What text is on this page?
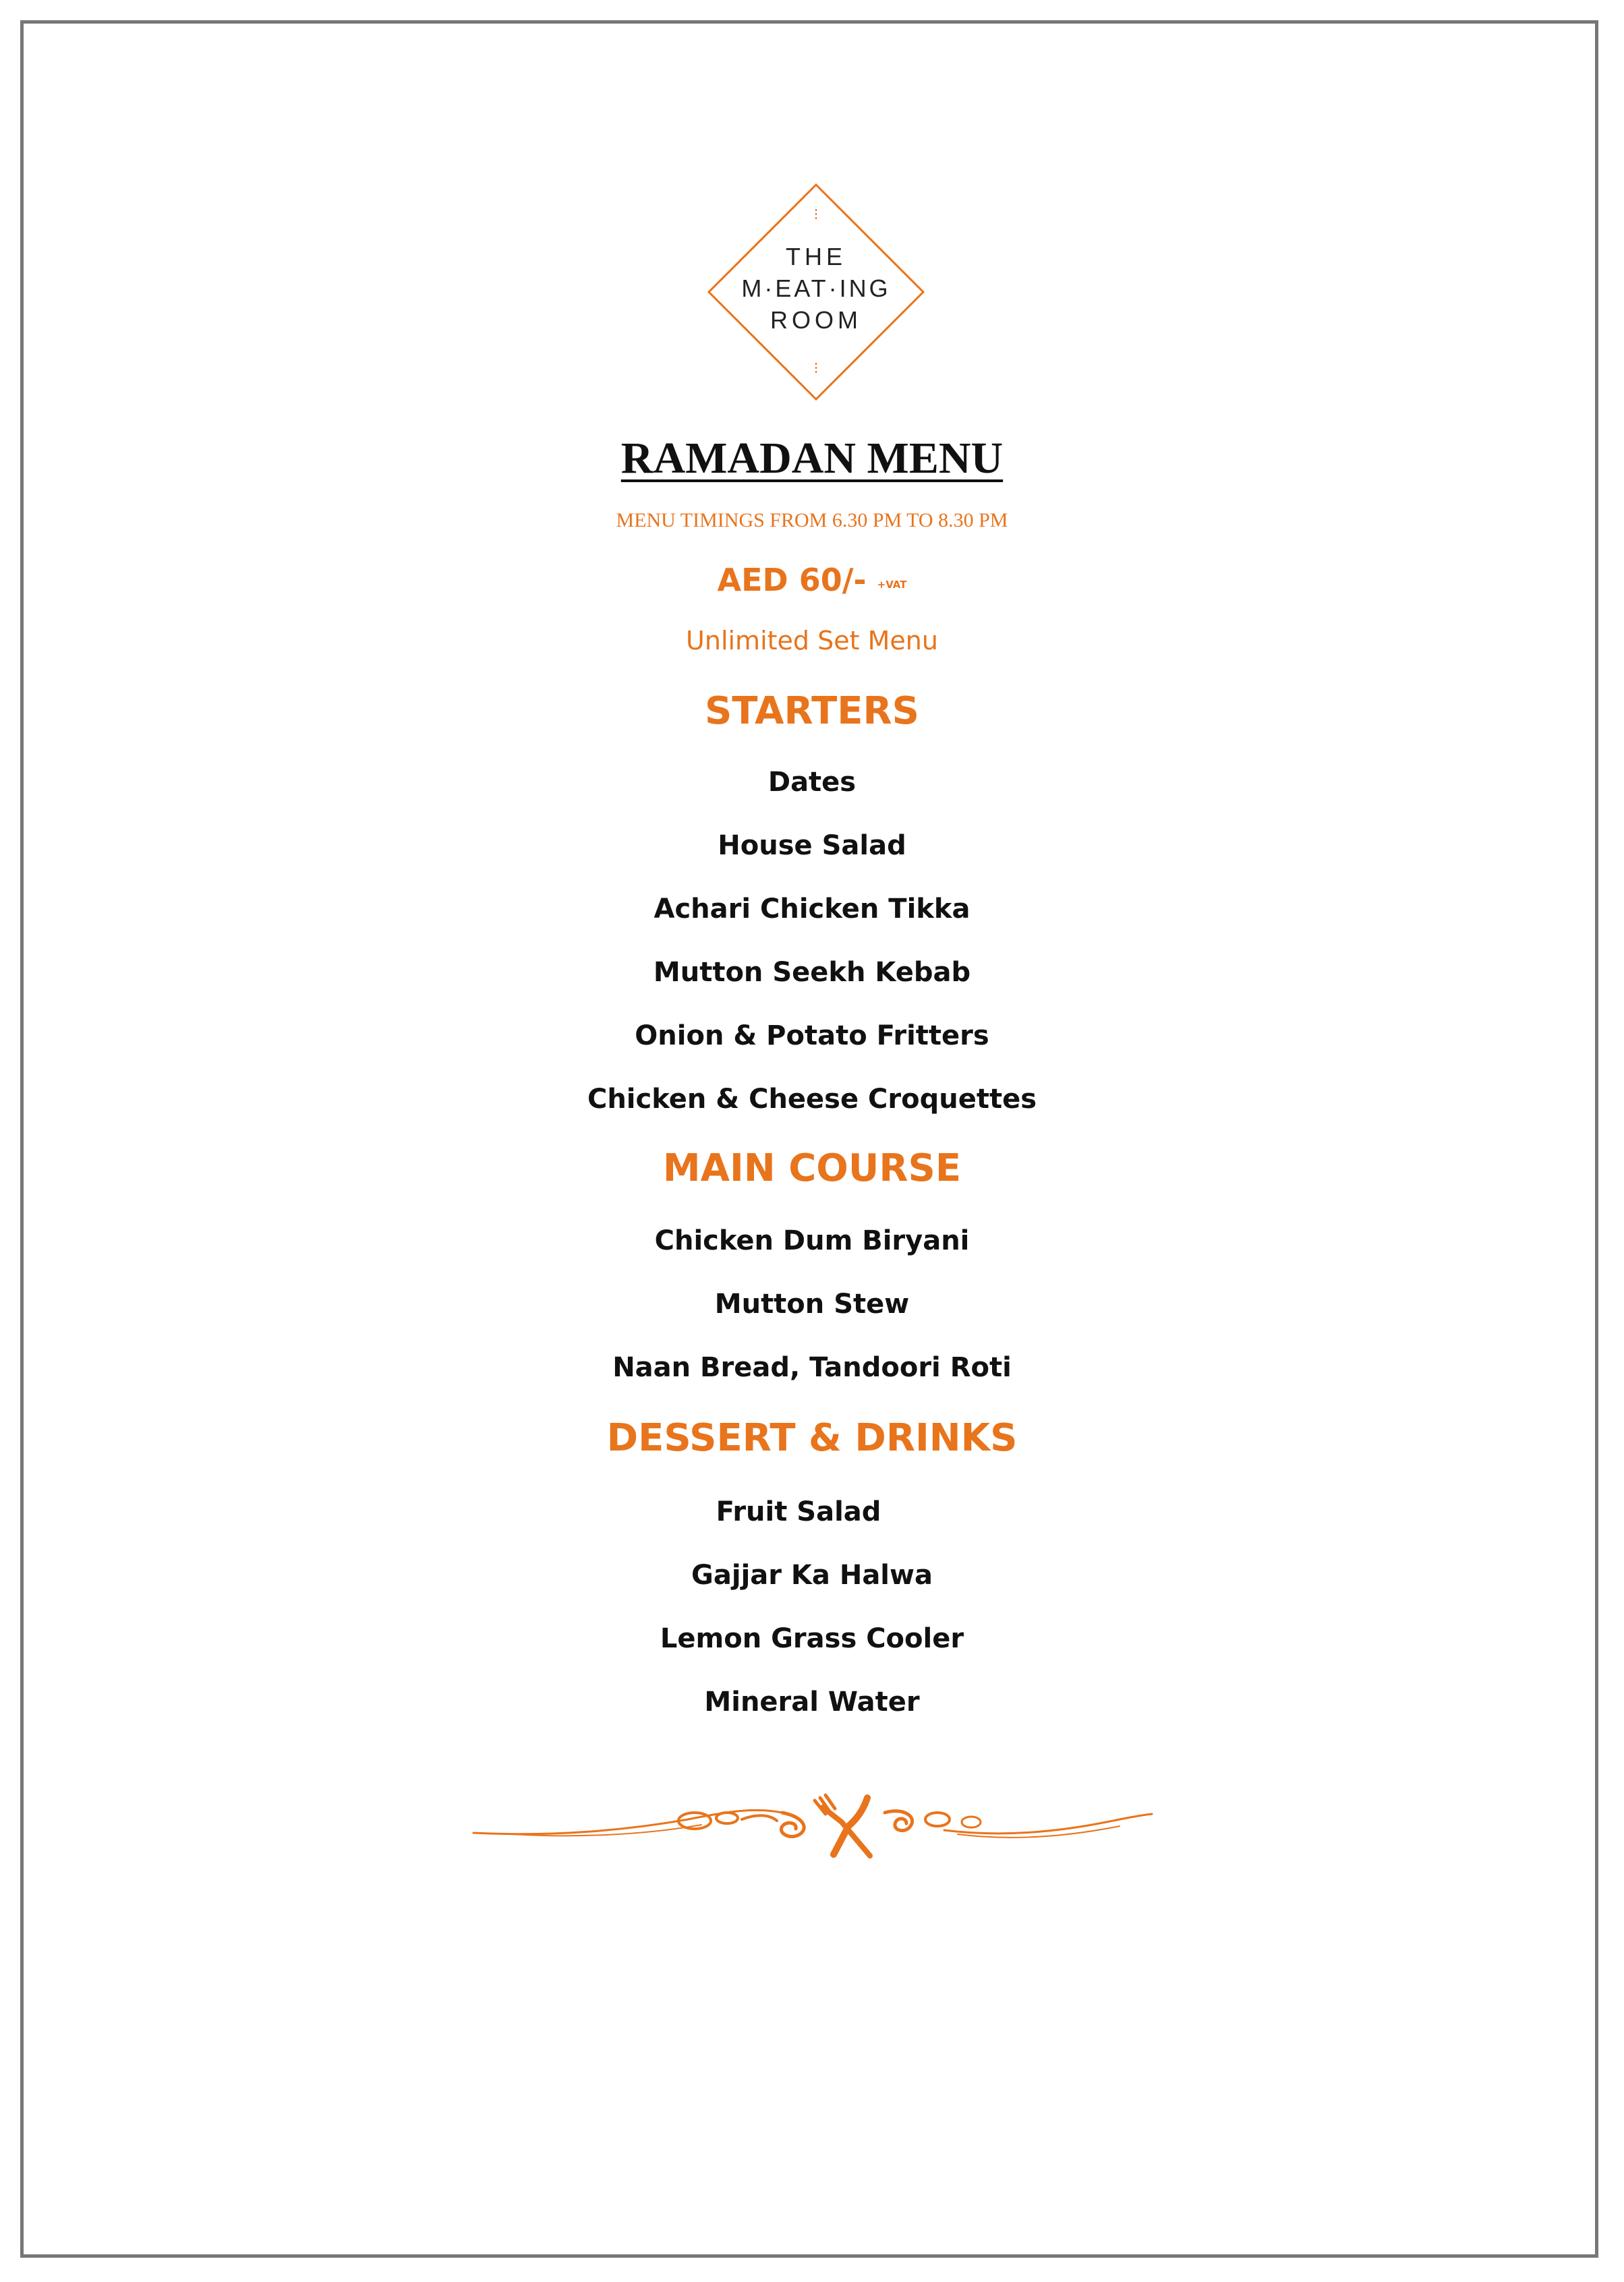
THE
M·EAT·ING
ROOM
RAMADAN MENU
MENU TIMINGS FROM 6.30 PM TO 8.30 PM
AED 60/- +VAT
Unlimited Set Menu
STARTERS
Dates
House Salad
Achari Chicken Tikka
Mutton Seekh Kebab
Onion & Potato Fritters
Chicken & Cheese Croquettes
MAIN COURSE
Chicken Dum Biryani
Mutton Stew
Naan Bread, Tandoori Roti
DESSERT & DRINKS
Fruit Salad
Gajjar Ka Halwa
Lemon Grass Cooler
Mineral Water
